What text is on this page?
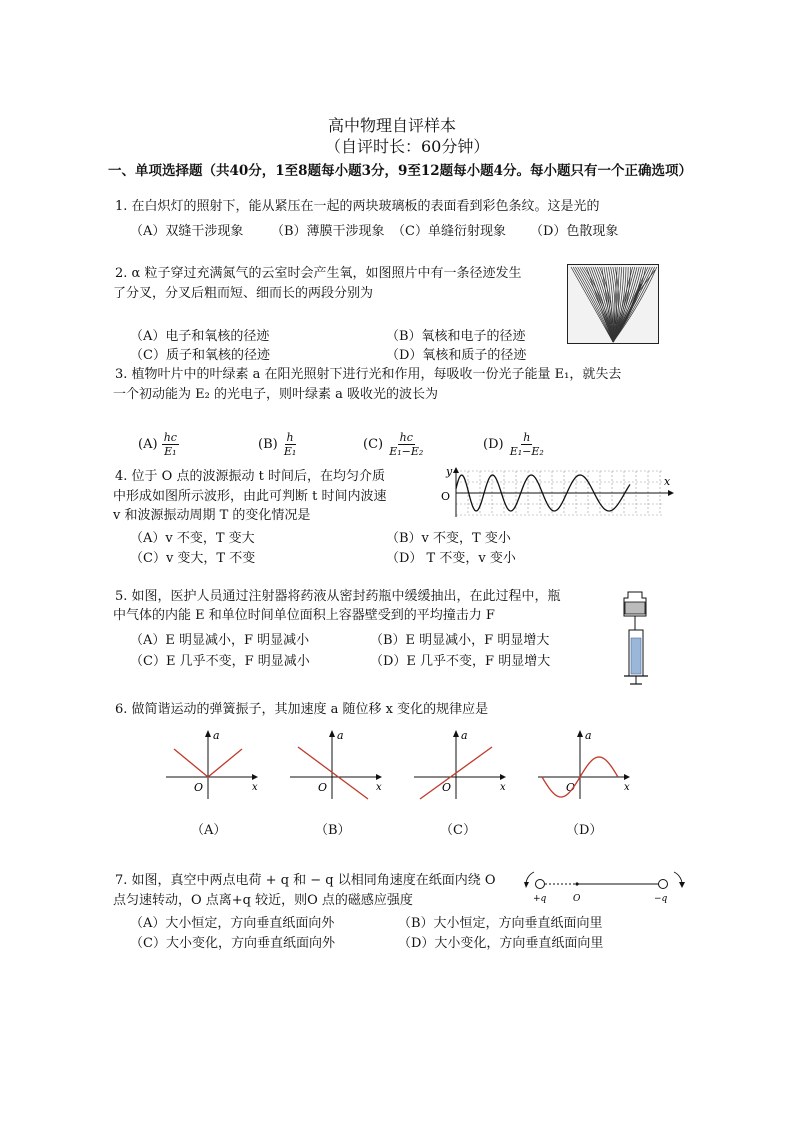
高中物理自评样本
（自评时长：60分钟）
一、单项选择题（共40分，1至8题每小题3分，9至12题每小题4分。每小题只有一个正确选项）
1. 在白炽灯的照射下，能从紧压在一起的两块玻璃板的表面看到彩色条纹。这是光的
（A）双缝干涉现象 （B）薄膜干涉现象 （C）单缝衍射现象 （D）色散现象
2. α 粒子穿过充满氮气的云室时会产生氧，如图照片中有一条径迹发生
了分叉，分叉后粗而短、细而长的两段分别为
（A）电子和氧核的径迹	（B）氧核和电子的径迹
（C）质子和氧核的径迹	（D）氧核和质子的径迹
3. 植物叶片中的叶绿素 a 在阳光照射下进行光和作用，每吸收一份光子能量 E₁，就失去
一个初动能为 E₂ 的光电子，则叶绿素 a 吸收光的波长为
$(A) \frac{hc}{\text{E₁}}$	$(B) \frac{h}{\text{E₁}}$	$(C) \frac{hc}{\text{E₁−E₂}}$	$(D) \frac{h}{\text{E₁−E₂}}$
4. 位于 O 点的波源振动 t 时间后，在均匀介质
中形成如图所示波形，由此可判断 t 时间内波速
v 和波源振动周期 T 的变化情况是
y
x
O
（A）v 不变，T 变大	（B）v 不变，T 变小
（C）v 变大，T 不变	（D） T 不变，v 变小
5. 如图，医护人员通过注射器将药液从密封药瓶中缓缓抽出，在此过程中，瓶
中气体的内能 E 和单位时间单位面积上容器壁受到的平均撞击力 F
（A）E 明显减小，F 明显减小	（B）E 明显减小，F 明显增大
（C）E 几乎不变，F 明显减小	（D）E 几乎不变，F 明显增大
6. 做简谐运动的弹簧振子，其加速度 a 随位移 x 变化的规律应是
a
x
O
a
x
O
a
x
O
a
x
O
（A）	（B）	（C）	（D）
7. 如图，真空中两点电荷 + q 和 − q 以相同角速度在纸面内绕 O
点匀速转动，O 点离+q 较近，则O 点的磁感应强度	+q	O	−q
（A）大小恒定，方向垂直纸面向外	（B）大小恒定，方向垂直纸面向里
（C）大小变化，方向垂直纸面向外	（D）大小变化，方向垂直纸面向里
